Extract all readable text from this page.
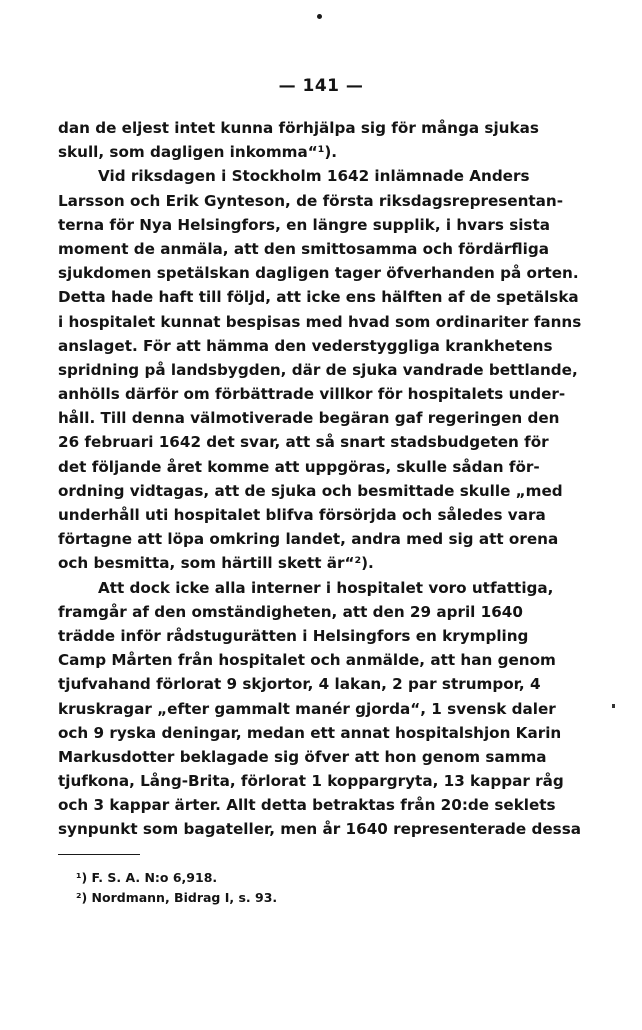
— 141 —
dan de eljest intet kunna förhjälpa sig för många sjukas
skull, som dagligen inkomma“¹).
Vid riksdagen i Stockholm 1642 inlämnade Anders
Larsson och Erik Gynteson, de första riksdagsrepresentan-
terna för Nya Helsingfors, en längre supplik, i hvars sista
moment de anmäla, att den smittosamma och fördärfliga
sjukdomen spetälskan dagligen tager öfverhanden på orten.
Detta hade haft till följd, att icke ens hälften af de spetälska
i hospitalet kunnat bespisas med hvad som ordinariter fanns
anslaget. För att hämma den vederstyggliga krankhetens
spridning på landsbygden, där de sjuka vandrade bettlande,
anhölls därför om förbättrade villkor för hospitalets under-
håll. Till denna välmotiverade begäran gaf regeringen den
26 februari 1642 det svar, att så snart stadsbudgeten för
det följande året komme att uppgöras, skulle sådan för-
ordning vidtagas, att de sjuka och besmittade skulle „med
underhåll uti hospitalet blifva försörjda och således vara
förtagne att löpa omkring landet, andra med sig att orena
och besmitta, som härtill skett är“²).
Att dock icke alla interner i hospitalet voro utfattiga,
framgår af den omständigheten, att den 29 april 1640
trädde inför rådstugurätten i Helsingfors en krympling
Camp Mårten från hospitalet och anmälde, att han genom
tjufvahand förlorat 9 skjortor, 4 lakan, 2 par strumpor, 4
kruskragar „efter gammalt manér gjorda“, 1 svensk daler
och 9 ryska deningar, medan ett annat hospitalshjon Karin
Markusdotter beklagade sig öfver att hon genom samma
tjufkona, Lång-Brita, förlorat 1 koppargryta, 13 kappar råg
och 3 kappar ärter. Allt detta betraktas från 20:de seklets
synpunkt som bagateller, men år 1640 representerade dessa
¹) F. S. A. N:o 6,918.
²) Nordmann, Bidrag I, s. 93.
